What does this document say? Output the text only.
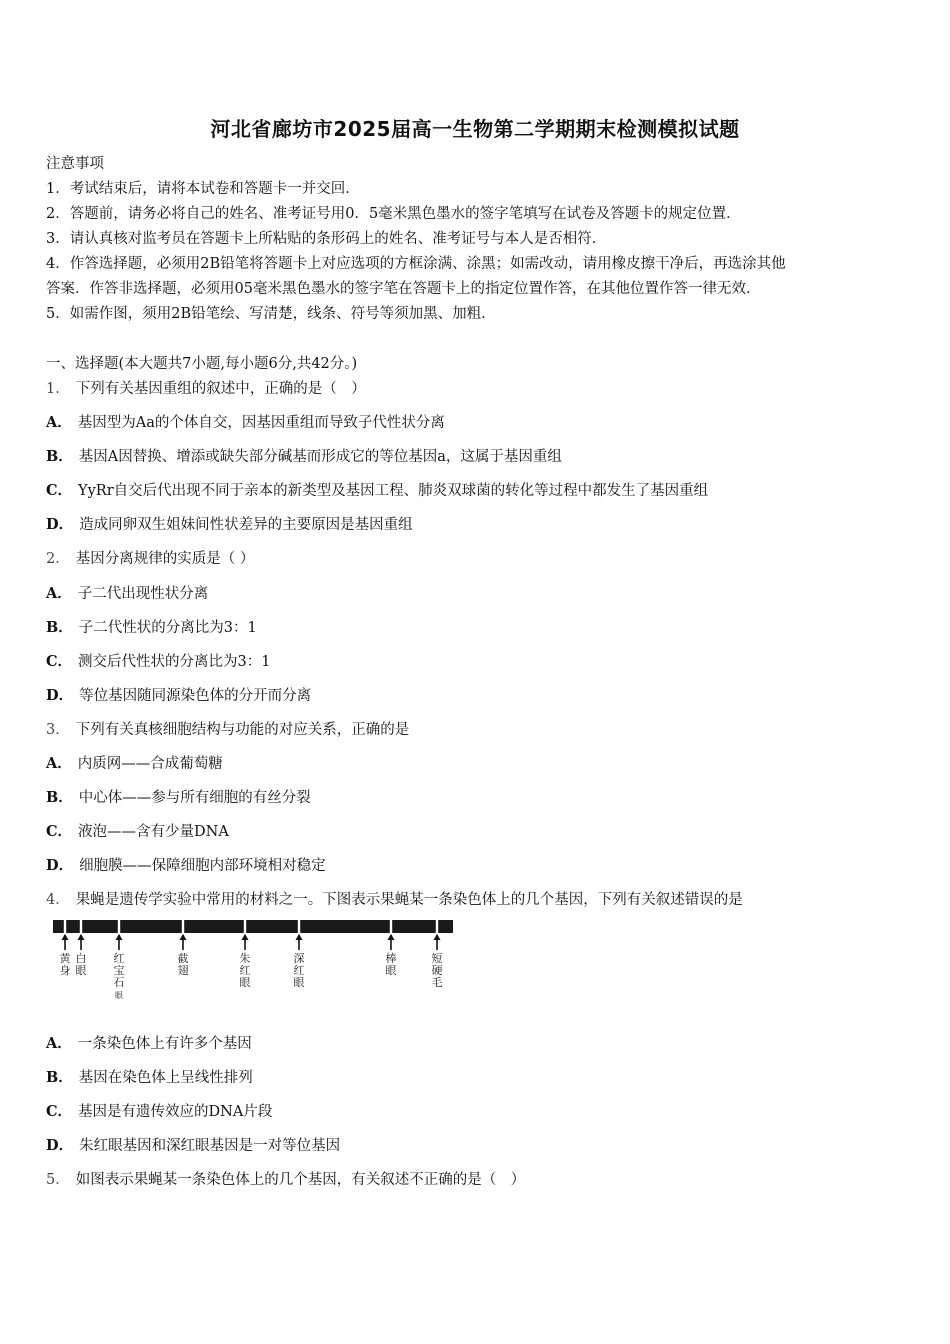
河北省廊坊市2025届高一生物第二学期期末检测模拟试题
注意事项
1．考试结束后，请将本试卷和答题卡一并交回．
2．答题前，请务必将自己的姓名、准考证号用0．5毫米黑色墨水的签字笔填写在试卷及答题卡的规定位置．
3．请认真核对监考员在答题卡上所粘贴的条形码上的姓名、准考证号与本人是否相符．
4．作答选择题，必须用2B铅笔将答题卡上对应选项的方框涂满、涂黑；如需改动，请用橡皮擦干净后，再选涂其他
答案．作答非选择题，必须用05毫米黑色墨水的签字笔在答题卡上的指定位置作答，在其他位置作答一律无效．
5．如需作图，须用2B铅笔绘、写清楚，线条、符号等须加黑、加粗．
一、选择题(本大题共7小题,每小题6分,共42分。)
1． 下列有关基因重组的叙述中，正确的是（　）
A． 基因型为Aa的个体自交，因基因重组而导致子代性状分离
B． 基因A因替换、增添或缺失部分碱基而形成它的等位基因a，这属于基因重组
C． YyRr自交后代出现不同于亲本的新类型及基因工程、肺炎双球菌的转化等过程中都发生了基因重组
D． 造成同卵双生姐妹间性状差异的主要原因是基因重组
2． 基因分离规律的实质是（ ）
A． 子二代出现性状分离
B． 子二代性状的分离比为3：1
C． 测交后代性状的分离比为3：1
D． 等位基因随同源染色体的分开而分离
3． 下列有关真核细胞结构与功能的对应关系，正确的是
A． 内质网——合成葡萄糖
B． 中心体——参与所有细胞的有丝分裂
C． 液泡——含有少量DNA
D． 细胞膜——保障细胞内部环境相对稳定
4． 果蝇是遗传学实验中常用的材料之一。下图表示果蝇某一条染色体上的几个基因，下列有关叙述错误的是
黄
身
白
眼
红
宝
石
眼
截
翅
朱
红
眼
深
红
眼
棒
眼
短
硬
毛
A． 一条染色体上有许多个基因
B． 基因在染色体上呈线性排列
C． 基因是有遗传效应的DNA片段
D． 朱红眼基因和深红眼基因是一对等位基因
5． 如图表示果蝇某一条染色体上的几个基因，有关叙述不正确的是（　）
